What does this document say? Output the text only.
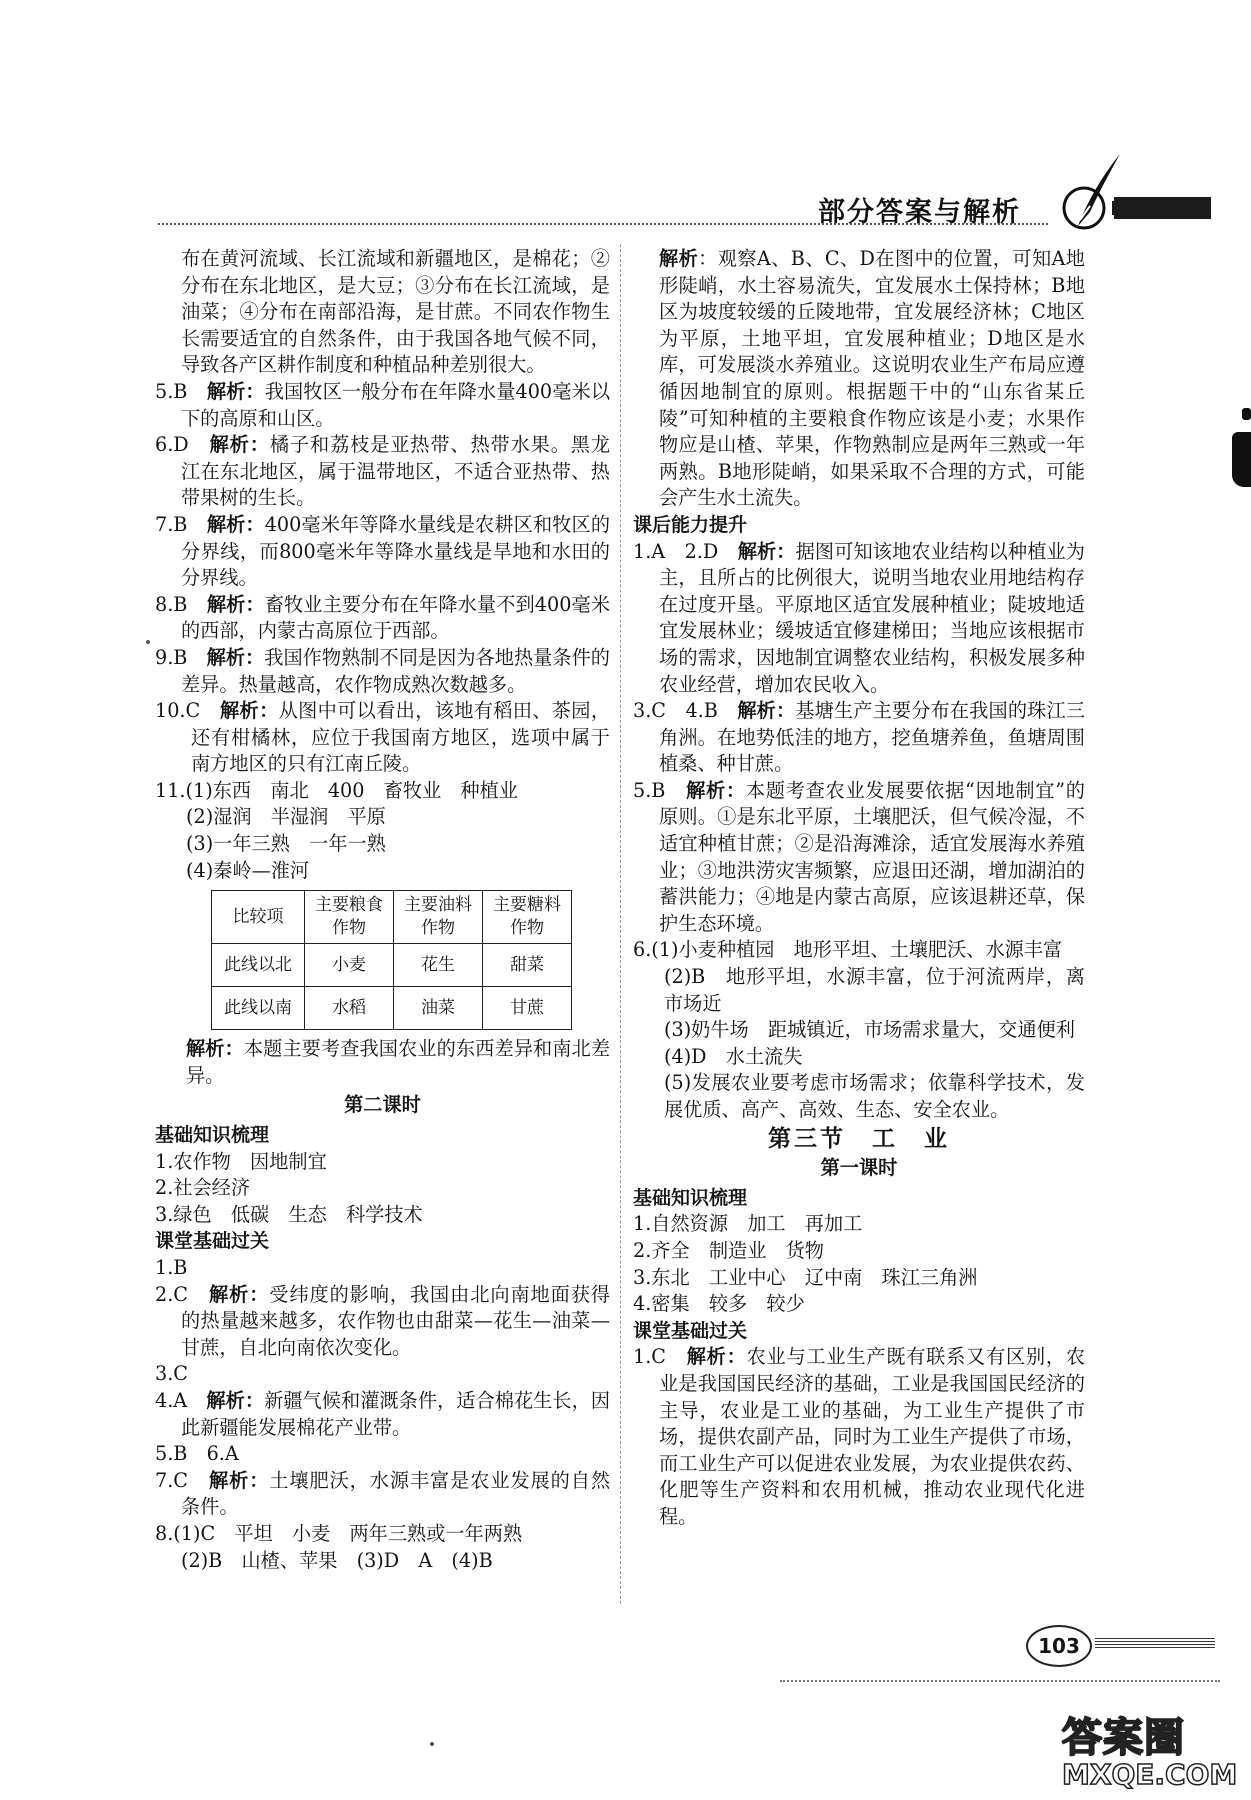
部分答案与解析

布在黄河流域、长江流域和新疆地区，是棉花；②分布在东北地区，是大豆；③分布在长江流域，是油菜；④分布在南部沿海，是甘蔗。不同农作物生长需要适宜的自然条件，由于我国各地气候不同，导致各产区耕作制度和种植品种差别很大。

5.B　解析：我国牧区一般分布在年降水量400毫米以下的高原和山区。

6.D　解析：橘子和荔枝是亚热带、热带水果。黑龙江在东北地区，属于温带地区，不适合亚热带、热带果树的生长。

7.B　解析：400毫米年等降水量线是农耕区和牧区的分界线，而800毫米年等降水量线是旱地和水田的分界线。

8.B　解析：畜牧业主要分布在年降水量不到400毫米的西部，内蒙古高原位于西部。

9.B　解析：我国作物熟制不同是因为各地热量条件的差异。热量越高，农作物成熟次数越多。

10.C　解析：从图中可以看出，该地有稻田、茶园，还有柑橘林，应位于我国南方地区，选项中属于南方地区的只有江南丘陵。

11.(1)东西　南北　400　畜牧业　种植业

(2)湿润　半湿润　平原

(3)一年三熟　一年一熟

(4)秦岭—淮河

比较项	主要粮食作物	主要油料作物	主要糖料作物
此线以北	小麦	花生	甜菜
此线以南	水稻	油菜	甘蔗

解析：本题主要考查我国农业的东西差异和南北差异。

第二课时

基础知识梳理

1.农作物　因地制宜

2.社会经济

3.绿色　低碳　生态　科学技术

课堂基础过关

1.B

2.C　解析：受纬度的影响，我国由北向南地面获得的热量越来越多，农作物也由甜菜—花生—油菜—甘蔗，自北向南依次变化。

3.C

4.A　解析：新疆气候和灌溉条件，适合棉花生长，因此新疆能发展棉花产业带。

5.B　6.A

7.C　解析：土壤肥沃，水源丰富是农业发展的自然条件。

8.(1)C　平坦　小麦　两年三熟或一年两熟

(2)B　山楂、苹果　(3)D　A　(4)B

解析：观察A、B、C、D在图中的位置，可知A地形陡峭，水土容易流失，宜发展水土保持林；B地区为坡度较缓的丘陵地带，宜发展经济林；C地区为平原，土地平坦，宜发展种植业；D地区是水库，可发展淡水养殖业。这说明农业生产布局应遵循因地制宜的原则。根据题干中的“山东省某丘陵”可知种植的主要粮食作物应该是小麦；水果作物应是山楂、苹果，作物熟制应是两年三熟或一年两熟。B地形陡峭，如果采取不合理的方式，可能会产生水土流失。

课后能力提升

1.A　2.D　解析：据图可知该地农业结构以种植业为主，且所占的比例很大，说明当地农业用地结构存在过度开垦。平原地区适宜发展种植业；陡坡地适宜发展林业；缓坡适宜修建梯田；当地应该根据市场的需求，因地制宜调整农业结构，积极发展多种农业经营，增加农民收入。

3.C　4.B　解析：基塘生产主要分布在我国的珠江三角洲。在地势低洼的地方，挖鱼塘养鱼，鱼塘周围植桑、种甘蔗。

5.B　解析：本题考查农业发展要依据“因地制宜”的原则。①是东北平原，土壤肥沃，但气候冷湿，不适宜种植甘蔗；②是沿海滩涂，适宜发展海水养殖业；③地洪涝灾害频繁，应退田还湖，增加湖泊的蓄洪能力；④地是内蒙古高原，应该退耕还草，保护生态环境。

6.(1)小麦种植园　地形平坦、土壤肥沃、水源丰富

(2)B　地形平坦，水源丰富，位于河流两岸，离市场近

(3)奶牛场　距城镇近，市场需求量大，交通便利

(4)D　水土流失

(5)发展农业要考虑市场需求；依靠科学技术，发展优质、高产、高效、生态、安全农业。

第三节　工　业

第一课时

基础知识梳理

1.自然资源　加工　再加工

2.齐全　制造业　货物

3.东北　工业中心　辽中南　珠江三角洲

4.密集　较多　较少

课堂基础过关

1.C　解析：农业与工业生产既有联系又有区别，农业是我国国民经济的基础，工业是我国国民经济的主导，农业是工业的基础，为工业生产提供了市场，提供农副产品，同时为工业生产提供了市场，而工业生产可以促进农业发展，为农业提供农药、化肥等生产资料和农用机械，推动农业现代化进程。

103
答案圈
MXQE.COM
